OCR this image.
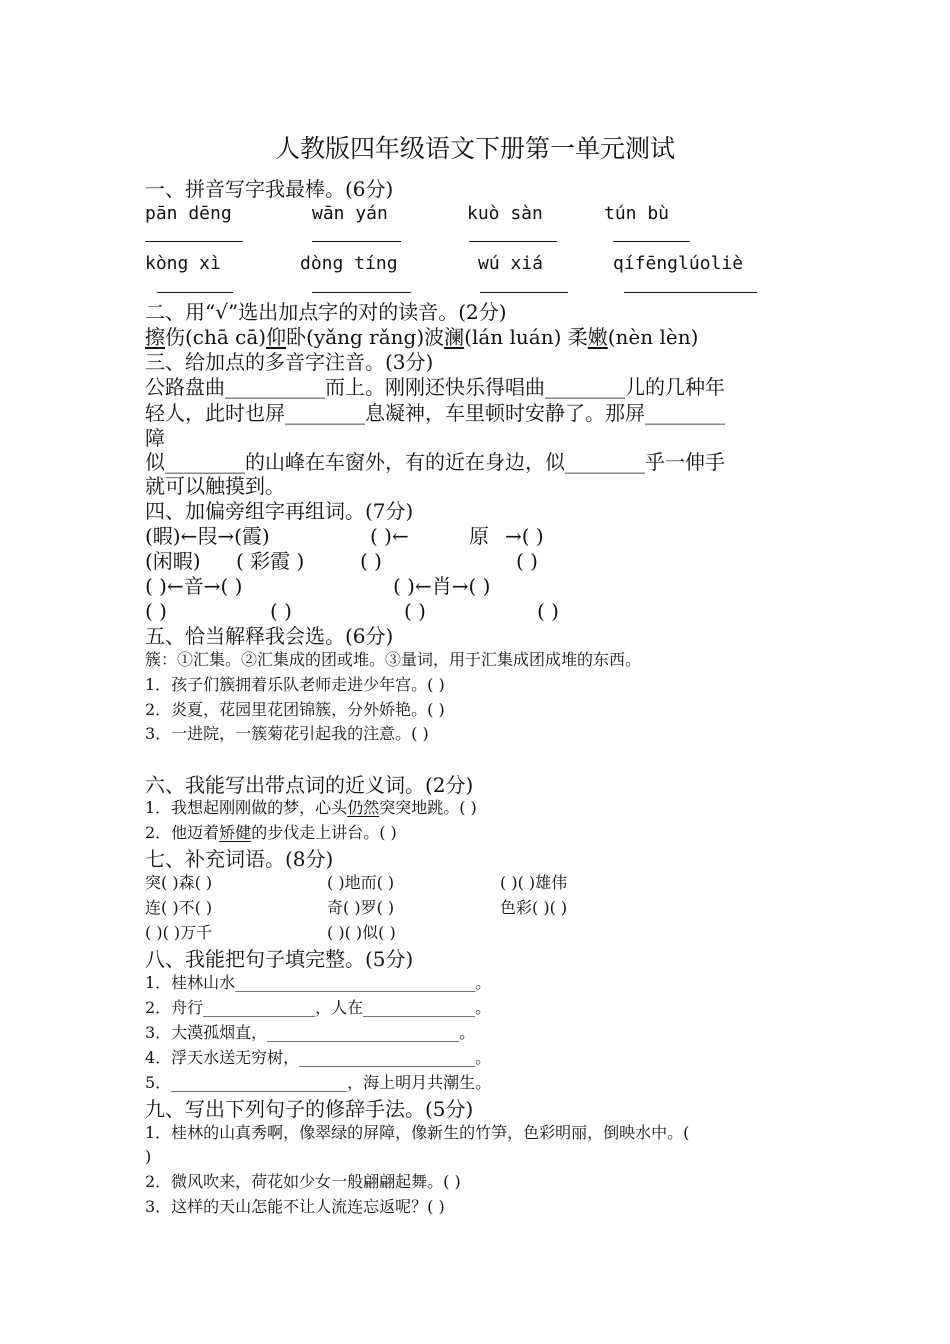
人教版四年级语文下册第一单元测试
一、拼音写字我最棒。(6分)
pān dēng	wān yán	kuò sàn	tún bù
kòng xì	dòng tíng	wú xiá	qífēnglúoliè
二、用“√”选出加点字的对的读音。(2分)
擦伤(chā cā)仰卧(yǎng rǎng)波澜(lán luán) 柔嫩(nèn lèn)
三、给加点的多音字注音。(3分)
公路盘曲__________而上。刚刚还快乐得唱曲________儿的几种年
轻人，此时也屏________息凝神，车里顿时安静了。那屏________
障
似________的山峰在车窗外，有的近在身边，似________乎一伸手
就可以触摸到。
四、加偏旁组字再组词。(7分)
(暇)←叚→(霞)	( )←	原 →( )
(闲暇) ( 彩霞 )	( )	( )
( )←音→( )	( )←肖→( )
( )	( )	( )	( )
五、恰当解释我会选。(6分)
簇：①汇集。②汇集成的团或堆。③量词，用于汇集成团成堆的东西。
1．孩子们簇拥着乐队老师走进少年宫。( )
2．炎夏，花园里花团锦簇，分外娇艳。( )
3．一进院，一簇菊花引起我的注意。( )
六、我能写出带点词的近义词。(2分)
1．我想起刚刚做的梦，心头仍然突突地跳。( )
2．他迈着矫健的步伐走上讲台。( )
七、补充词语。(8分)
突( )森( )	( )地而( )	( )( )雄伟
连( )不( )	奇( )罗( )	色彩( )( )
( )( )万千	( )( )似( )
八、我能把句子填完整。(5分)
1．桂林山水______________________________。
2．舟行______________，人在______________。
3．大漠孤烟直，________________________。
4．浮天水送无穷树，______________________。
5．______________________，海上明月共潮生。
九、写出下列句子的修辞手法。(5分)
1．桂林的山真秀啊，像翠绿的屏障，像新生的竹笋，色彩明丽，倒映水中。(
)
2．微风吹来，荷花如少女一般翩翩起舞。( )
3．这样的天山怎能不让人流连忘返呢？( )
